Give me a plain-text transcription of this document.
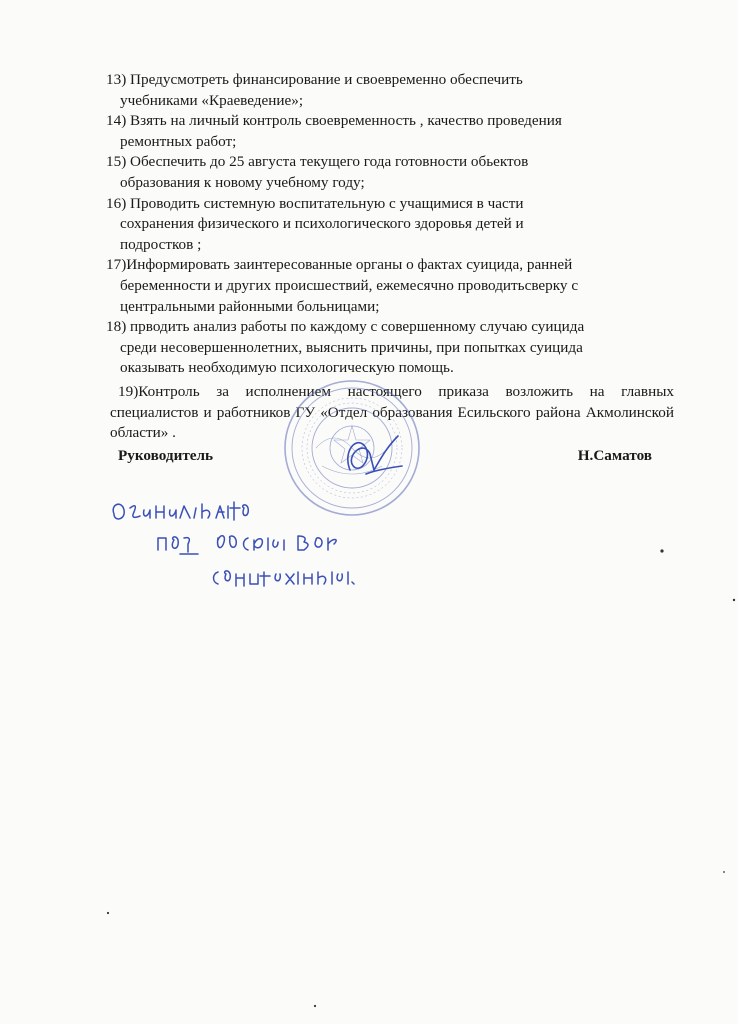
13) Предусмотреть финансирование и своевременно обеспечить
учебниками «Краеведение»;

14) Взять на личный контроль своевременность , качество проведения
ремонтных работ;

15) Обеспечить до 25 августа текущего года готовности обьектов
образования к новому учебному году;

16) Проводить системную воспитательную с учащимися в части
сохранения физического и психологического здоровья детей и
подростков ;

17)Информировать заинтересованные органы о фактах суицида, ранней
беременности и других происшествий, ежемесячно проводитьсверку с
центральными районными больницами;

18) прводить анализ работы по каждому с совершенному случаю суицида
среди несовершеннолетних, выяснить причины, при попытках суицида
оказывать необходимую психологическую помощь.

19)Контроль за исполнением настоящего приказа возложить на главных специалистов и работников ГУ «Отдел образования Есильского района Акмолинской области» .

Руководитель	Н.Саматов
